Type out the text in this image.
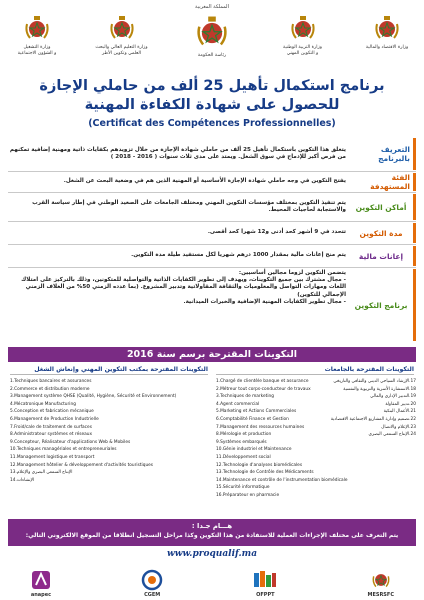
المملكة المغربية
وزارة التشغيل
و الشؤون الاجتماعية
وزارة التعليم العالي والبحث
العلمي وتكوين الأطر	رئاسة الحكومة
وزارة التربية الوطنية
و التكوين المهني
وزارة الاقتصاد والمالية
برنامج استكمال تأهيل 25 ألف من حاملي الإجازة
للحصول على شهادة الكفاءة المهنية
(Certificat des Compétences Professionnelles)
التعريف بالبرنامج
يتعلق هذا التكوين باستكمال تأهيل 25 ألف من حاملي شهادة الإجازة من خلال تزويدهم بكفايات ذاتية ومهنية إضافية تمكنهم من فرص أكبر للإدماج في سوق الشغل. ويمتد على مدى ثلاث سنوات ( 2016 - 2018 )
الفئة المستهدفة
يفتح التكوين في وجه حاملي شهادة الإجازة الأساسية أو المهنية الذين هم في وضعية البحث عن الشغل.
أماكن التكوين
يتم تنفيذ التكوين بمختلف مؤسسات التكوين المهني ومختلف الجامعات على الصعيد الوطني في إطار سياسة القرب والاستجابة لحاجيات المحيط.
مدة التكوين
تتحدد في 9 أشهر كحد أدنى و12 شهرا كحد أقصى.
إعانات مالية
يتم منح إعانات مالية بمقدار 1000 درهم شهريا لكل مستفيد طيلة مدة التكوين.
برنامج التكوين
يتضمن التكوين لزوما مجالين أساسيين:
- مجال مشترك بين جميع التكوينات، ويهدف إلى تطوير الكفايات الذاتية والتواصلية للمتكونين، وذلك بالتركيز على امتلاك اللغات ومهارات التواصل والمعلوميات والثقافة المقاولاتية وتدبير المشروع. (بما عدده الزمني 50% من الغلاف الزمني الإجمالي للتكوين)
- مجال تطوير الكفايات المهنية الإضافية والخبرات الميدانية.
التكوينات المقترحة برسم سنة 2016
التكوينات المقترحة بمكتب التكوين المهني وإنعاش الشغل	التكوينات المقترحة بالجامعات
1.Techniques bancaires et assurances
2.Commerce et distribution moderne
3.Management système QHSE (Qualité, Hygiène, Sécurité et Environnement)
4.Mécatronique Manufacturing
5.Conception et fabrication mécanique
6.Management de Production Industrielle
7.Froid/cale de traitement de surfaces
8.Administrateur systèmes et réseaux
9.Concepteur, Réalisateur d'applications Web & Mobiles
10.Techniques managériales et entrepreneuriales
11.Management logistique et transport
12.Management hôtelier & développement d'activités touristiques
13.الإنتاج السمعي البصري والإعلام
14.الإنشاءات
1.Chargé de clientèle banque et assurance
2.Métreur tout corps-conducteur de travaux
3.Techniques de marketing
4.Agent commercial
5.Marketing et Actions Commerciales
6.Comptabilité Finance et Gestion
7.Management des ressources humaines
8.Mérologie et production
9.Systèmes embarqués
10.Génie industriel et Maintenance
11.Développement social
12.Technologie d'analyses biomédicales
13.Technologie de Contrôle des Médicaments
14.Maintenance et contrôle de l'instrumentation biomédicale
15.Sécurité informatique
16.Préparateur en pharmacie
17.الإرشاد السياحي الديني والثقافي والتاريخي
18.الاستشارة الأسرية والتربوية والنفسية
19.التدبير الإداري والمالي
20.تدبير المقاولة
21.الأعمال البنكية
22.تصميم وإدارة المشاريع الاجتماعية الاقتصادية
23.الإعلام والاتصال
24.الإنتاج السمعي البصري
هـــام جـدا :
يتم التعرف على مختلف الإجراءات العملية للاستفادة من هذا التكوين وكذا مراحل التسجيل انطلاقا من الموقع الالكتروني التالي:
www.proqualif.ma
anapec	CGEM	OFPPT	MESRSFC
